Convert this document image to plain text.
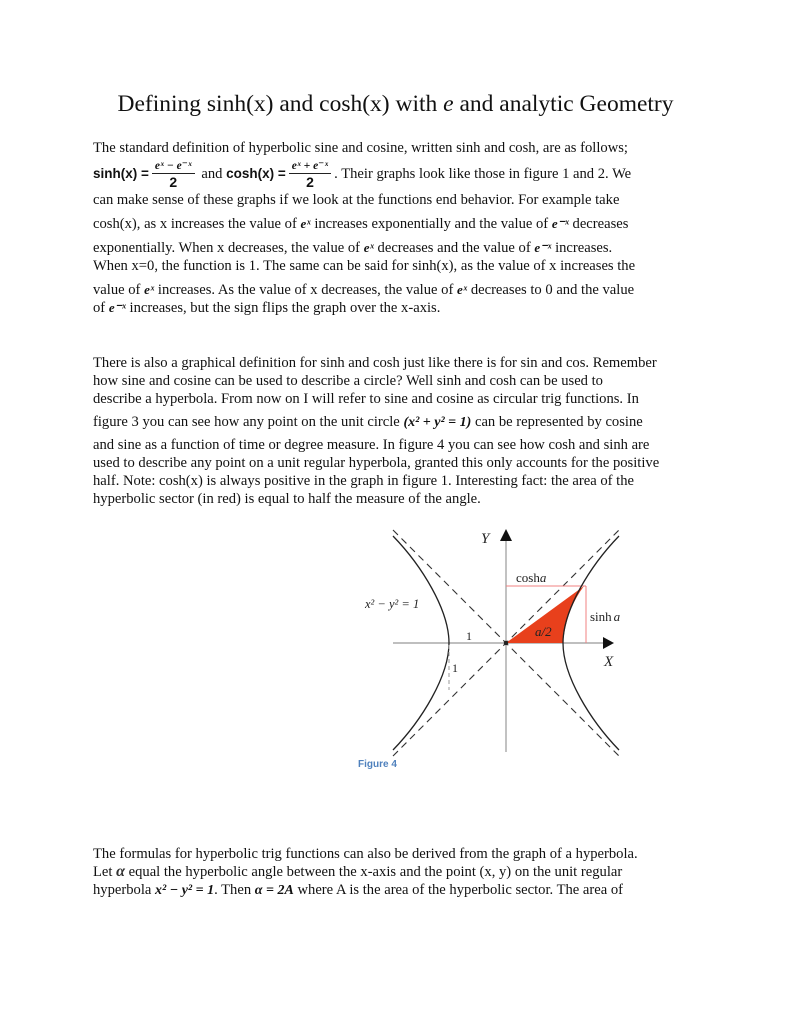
Defining sinh(x) and cosh(x) with e and analytic Geometry
The standard definition of hyperbolic sine and cosine, written sinh and cosh, are as follows;
$\sinh(x) = \frac{\text{eˣ − e⁻ˣ}}{2}$ and $\cosh(x) = \frac{\text{eˣ + e⁻ˣ}}{2}$ . Their graphs look like those in figure 1 and 2. We
can make sense of these graphs if we look at the functions end behavior. For example take
cosh(x), as x increases the value of eˣ increases exponentially and the value of e⁻ˣ decreases
exponentially. When x decreases, the value of eˣ decreases and the value of e⁻ˣ increases.
When x=0, the function is 1. The same can be said for sinh(x), as the value of x increases the
value of eˣ increases. As the value of x decreases, the value of eˣ decreases to 0 and the value
of e⁻ˣ increases, but the sign flips the graph over the x-axis.
There is also a graphical definition for sinh and cosh just like there is for sin and cos. Remember
how sine and cosine can be used to describe a circle? Well sinh and cosh can be used to
describe a hyperbola. From now on I will refer to sine and cosine as circular trig functions. In
figure 3 you can see how any point on the unit circle (x² + y² = 1) can be represented by cosine
and sine as a function of time or degree measure. In figure 4 you can see how cosh and sinh are
used to describe any point on a unit regular hyperbola, granted this only accounts for the positive
half. Note: cosh(x) is always positive in the graph in figure 1. Interesting fact: the area of the
hyperbolic sector (in red) is equal to half the measure of the angle.
Y
X
x² − y² = 1
cosha
sinh a
a/2
1
1
Figure 4
The formulas for hyperbolic trig functions can also be derived from the graph of a hyperbola.
Let α equal the hyperbolic angle between the x-axis and the point (x, y) on the unit regular
hyperbola x² − y² = 1. Then α = 2A where A is the area of the hyperbolic sector. The area of
